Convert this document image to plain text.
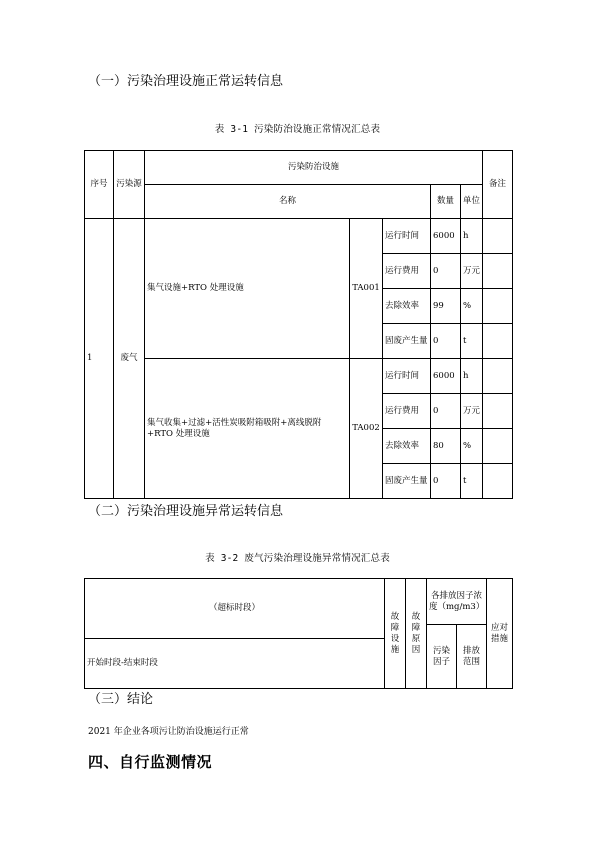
（一）污染治理设施正常运转信息
表 3-1 污染防治设施正常情况汇总表
序号	污染源	污染防治设施					备注
		名称			数量	单位	
1	废气	集气设施+RTO 处理设施	TA001	运行时间	6000	h	
				运行费用	0	万元	
				去除效率	99	%	
				固废产生量	0	t	
		集气收集+过滤+活性炭吸附箱吸附+离线脱附+RTO 处理设施	TA002	运行时间	6000	h	
				运行费用	0	万元	
				去除效率	80	%	
				固废产生量	0	t	
（二）污染治理设施异常运转信息
表 3-2 废气污染治理设施异常情况汇总表
（超标时段）	故障设施	故障原因	各排放因子浓度（mg/m3）		应对措施
			污染因子	排放范围	
开始时段-结束时段					
（三）结论
2021 年企业各项污让防治设施运行正常
四、自行监测情况
